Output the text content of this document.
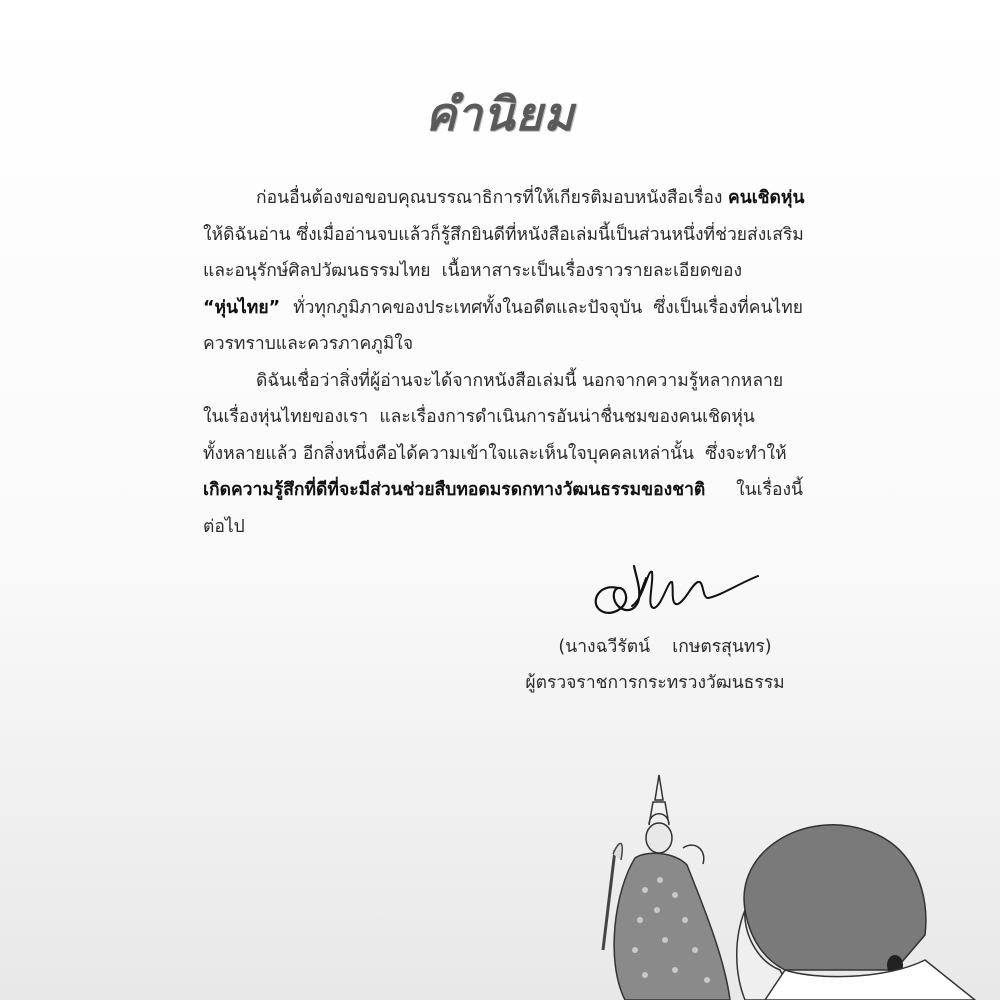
คำนิยม
ก่อนอื่นต้องขอขอบคุณบรรณาธิการที่ให้เกียรติมอบหนังสือเรื่อง คนเชิดหุ่น
ให้ดิฉันอ่าน ซึ่งเมื่ออ่านจบแล้วก็รู้สึกยินดีที่หนังสือเล่มนี้เป็นส่วนหนึ่งที่ช่วยส่งเสริม
และอนุรักษ์ศิลปวัฒนธรรมไทย  เนื้อหาสาระเป็นเรื่องราวรายละเอียดของ
“หุ่นไทย” ทั่วทุกภูมิภาคของประเทศทั้งในอดีตและปัจจุบัน  ซึ่งเป็นเรื่องที่คนไทย
ควรทราบและควรภาคภูมิใจ
ดิฉันเชื่อว่าสิ่งที่ผู้อ่านจะได้จากหนังสือเล่มนี้ นอกจากความรู้หลากหลาย
ในเรื่องหุ่นไทยของเรา  และเรื่องการดำเนินการอันน่าชื่นชมของคนเชิดหุ่น
ทั้งหลายแล้ว อีกสิ่งหนึ่งคือได้ความเข้าใจและเห็นใจบุคคลเหล่านั้น  ซึ่งจะทำให้
เกิดความรู้สึกที่ดีที่จะมีส่วนช่วยสืบทอดมรดกทางวัฒนธรรมของชาติ ในเรื่องนี้
ต่อไป
(นางฉวีรัตน์    เกษตรสุนทร)
ผู้ตรวจราชการกระทรวงวัฒนธรรม
